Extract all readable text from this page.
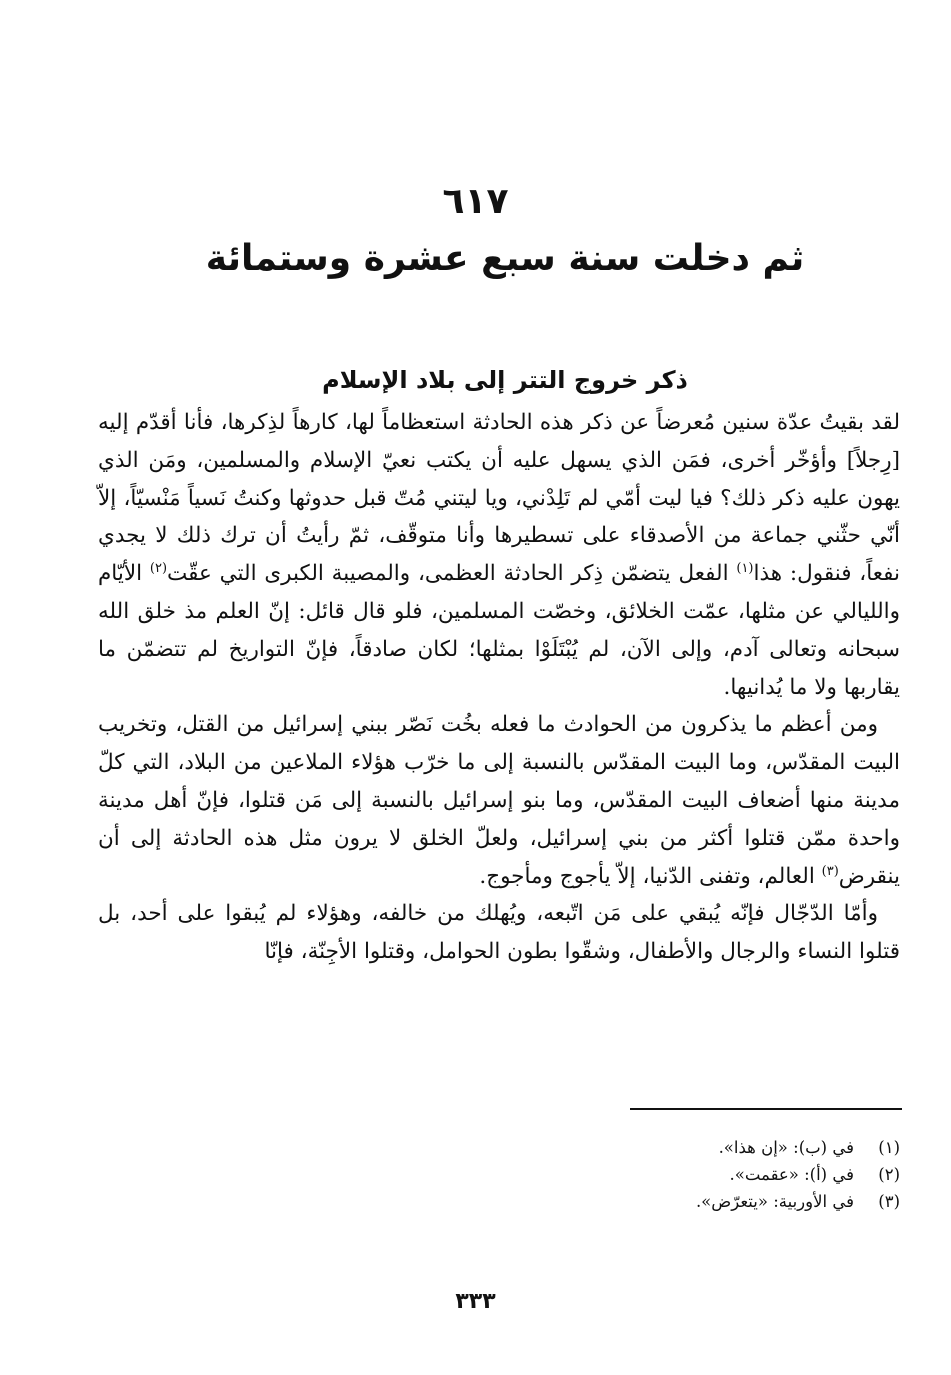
٦١٧
ثم دخلت سنة سبع عشرة وستمائة
ذكر خروج التتر إلى بلاد الإسلام

لقد بقيتُ عدّة سنين مُعرضاً عن ذكر هذه الحادثة استعظاماً لها، كارهاً لذِكرها، فأنا أقدّم إليه [رِجلاً] وأؤخّر أخرى، فمَن الذي يسهل عليه أن يكتب نعيّ الإسلام والمسلمين، ومَن الذي يهون عليه ذكر ذلك؟ فيا ليت أمّي لم تَلِدْني، ويا ليتني مُتّ قبل حدوثها وكنتُ نَسياً مَنْسيّاً، إلاّ أنّي حثّني جماعة من الأصدقاء على تسطيرها وأنا متوقّف، ثمّ رأيتُ أن ترك ذلك لا يجدي نفعاً، فنقول: هذا$^{(١)}$ الفعل يتضمّن ذِكر الحادثة العظمى، والمصيبة الكبرى التي عقّت$^{(٢)}$ الأيّام والليالي عن مثلها، عمّت الخلائق، وخصّت المسلمين، فلو قال قائل: إنّ العلم مذ خلق الله سبحانه وتعالى آدم، وإلى الآن، لم يُبْتَلَوْا بمثلها؛ لكان صادقاً، فإنّ التواريخ لم تتضمّن ما يقاربها ولا ما يُدانيها.

ومن أعظم ما يذكرون من الحوادث ما فعله بخُت نَصّر ببني إسرائيل من القتل، وتخريب البيت المقدّس، وما البيت المقدّس بالنسبة إلى ما خرّب هؤلاء الملاعين من البلاد، التي كلّ مدينة منها أضعاف البيت المقدّس، وما بنو إسرائيل بالنسبة إلى مَن قتلوا، فإنّ أهل مدينة واحدة ممّن قتلوا أكثر من بني إسرائيل، ولعلّ الخلق لا يرون مثل هذه الحادثة إلى أن ينقرض$^{(٣)}$ العالم، وتفنى الدّنيا، إلاّ يأجوج ومأجوج.

وأمّا الدّجّال فإنّه يُبقي على مَن اتّبعه، ويُهلك من خالفه، وهؤلاء لم يُبقوا على أحد، بل قتلوا النساء والرجال والأطفال، وشقّوا بطون الحوامل، وقتلوا الأجِنّة، فإنّا

(١)
في (ب): «إن هذا».
(٢)
في (أ): «عقمت».
(٣)
في الأوربية: «يتعرّض».
٣٣٣
